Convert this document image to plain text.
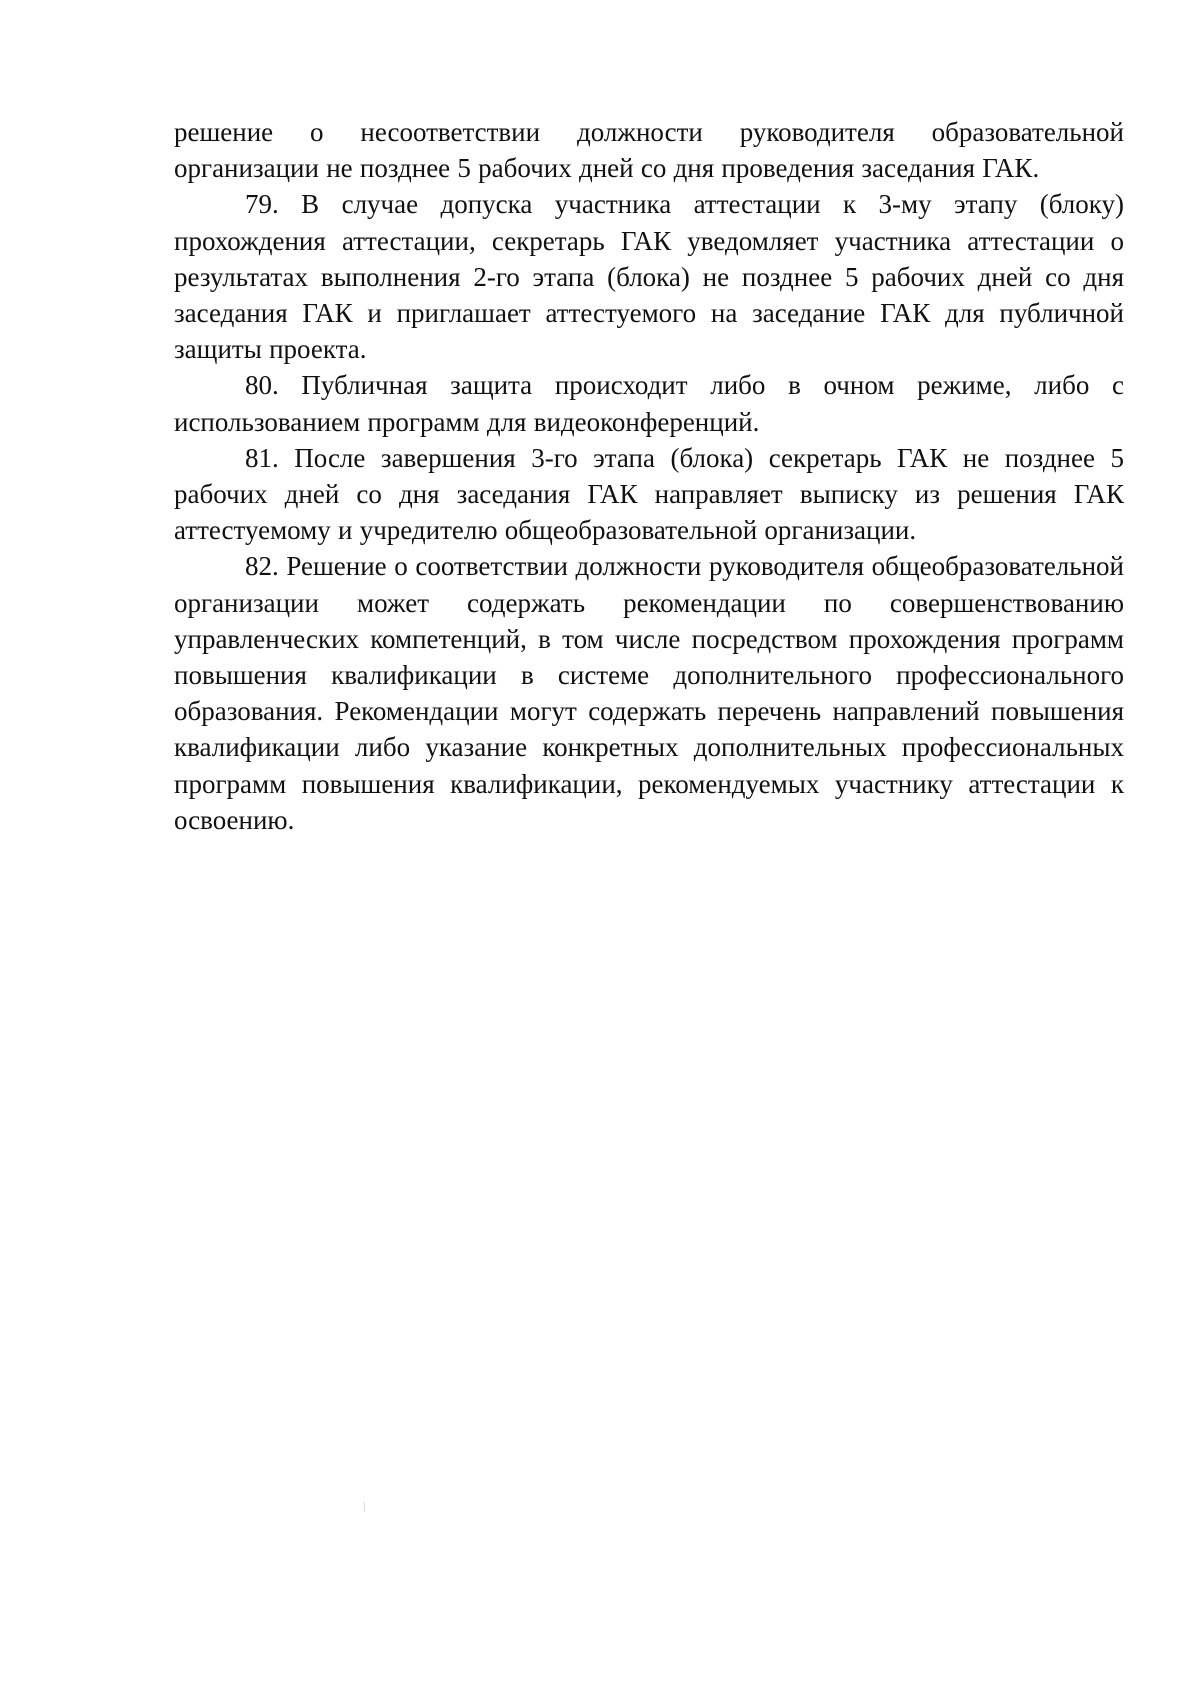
решение о несоответствии должности руководителя образовательной организации не позднее 5 рабочих дней со дня проведения заседания ГАК.

79. В случае допуска участника аттестации к 3-му этапу (блоку) прохождения аттестации, секретарь ГАК уведомляет участника аттестации о результатах выполнения 2-го этапа (блока) не позднее 5 рабочих дней со дня заседания ГАК и приглашает аттестуемого на заседание ГАК для публичной защиты проекта.

80. Публичная защита происходит либо в очном режиме, либо с использованием программ для видеоконференций.

81. После завершения 3-го этапа (блока) секретарь ГАК не позднее 5 рабочих дней со дня заседания ГАК направляет выписку из решения ГАК аттестуемому и учредителю общеобразовательной организации.

82. Решение о соответствии должности руководителя общеобразовательной организации может содержать рекомендации по совершенствованию управленческих компетенций, в том числе посредством прохождения программ повышения квалификации в системе дополнительного профессионального образования. Рекомендации могут содержать перечень направлений повышения квалификации либо указание конкретных дополнительных профессиональных программ повышения квалификации, рекомендуемых участнику аттестации к освоению.
